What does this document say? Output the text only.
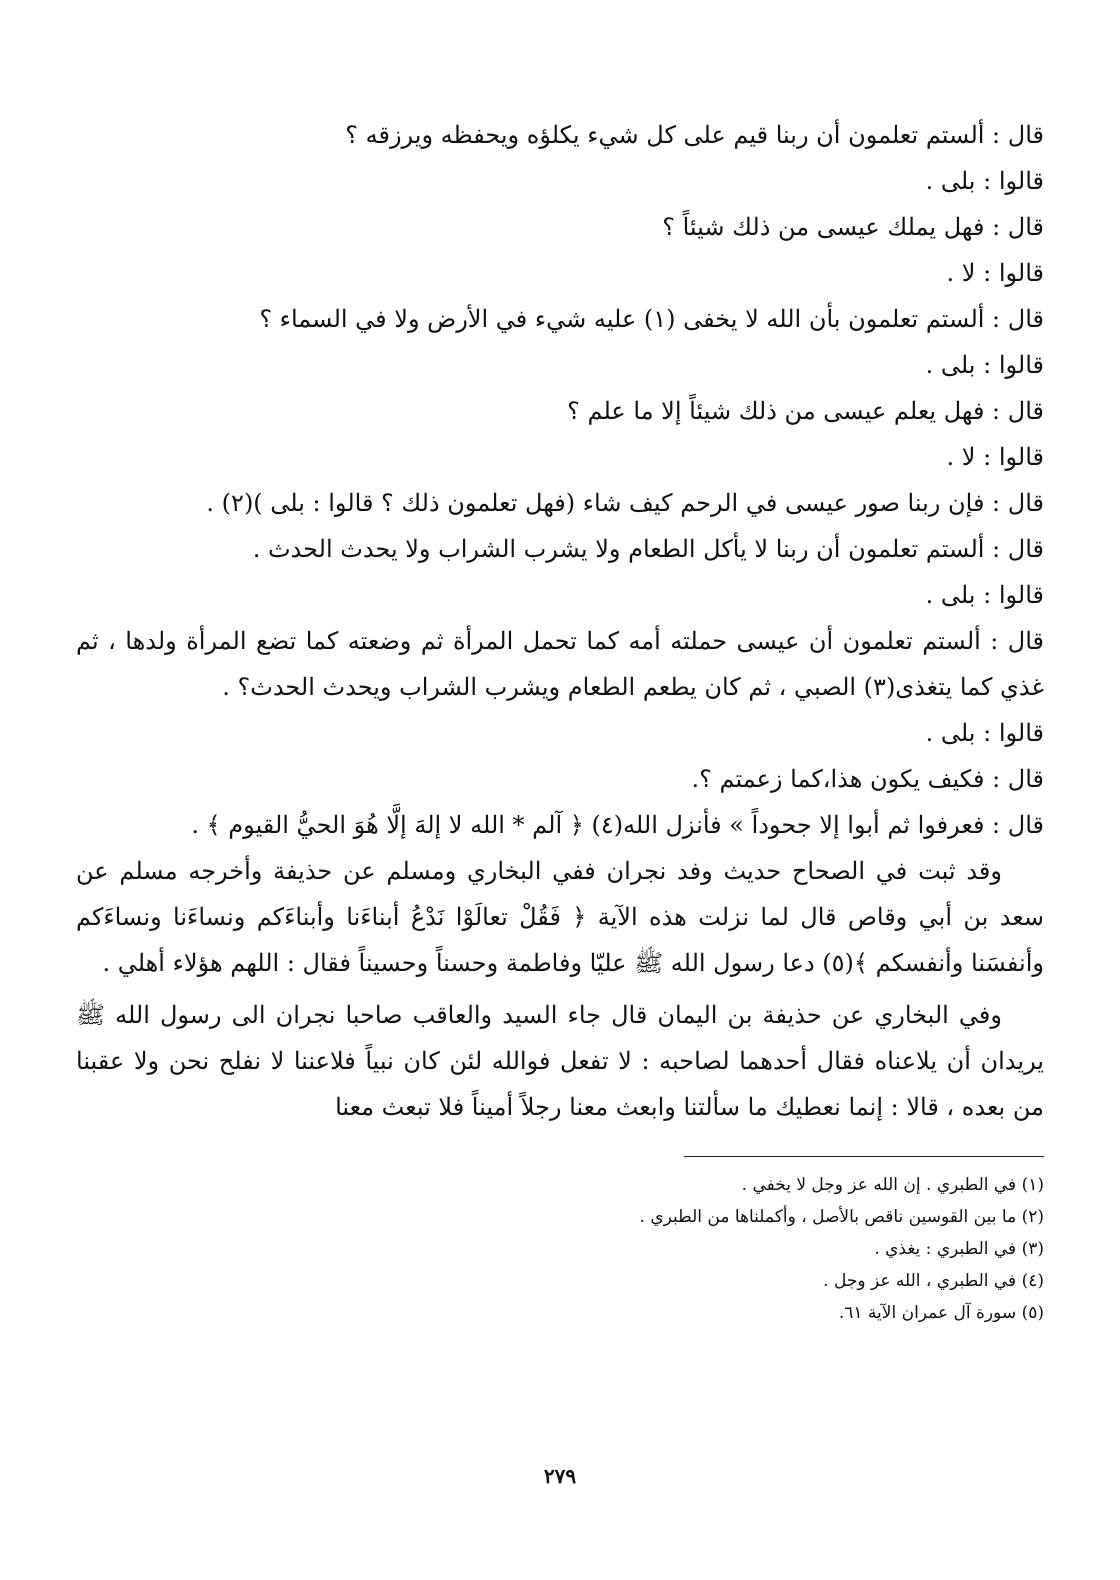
قال : ألستم تعلمون أن ربنا قيم على كل شيء يكلؤه ويحفظه ويرزقه ؟

قالوا : بلى .

قال : فهل يملك عيسى من ذلك شيئاً ؟

قالوا : لا .

قال : ألستم تعلمون بأن الله لا يخفى (١) عليه شيء في الأرض ولا في السماء ؟

قالوا : بلى .

قال : فهل يعلم عيسى من ذلك شيئاً إلا ما علم ؟

قالوا : لا .

قال : فإن ربنا صور عيسى في الرحم كيف شاء (فهل تعلمون ذلك ؟ قالوا : بلى )(٢) .

قال : ألستم تعلمون أن ربنا لا يأكل الطعام ولا يشرب الشراب ولا يحدث الحدث .

قالوا : بلى .

قال : ألستم تعلمون أن عيسى حملته أمه كما تحمل المرأة ثم وضعته كما تضع المرأة ولدها ، ثم غذي كما يتغذى(٣) الصبي ، ثم كان يطعم الطعام ويشرب الشراب ويحدث الحدث؟ .

قالوا : بلى .

قال : فكيف يكون هذا،كما زعمتم ؟.

قال : فعرفوا ثم أبوا إلا جحوداً » فأنزل الله(٤) ﴿ آلم * الله لا إلهَ إلَّا هُوَ الحيُّ القيوم ﴾ .

وقد ثبت في الصحاح حديث وفد نجران ففي البخاري ومسلم عن حذيفة وأخرجه مسلم عن سعد بن أبي وقاص قال لما نزلت هذه الآية ﴿ فَقُلْ تعالَوْا نَدْعُ أبناءَنا وأبناءَكم ونساءَنا ونساءَكم وأنفسَنا وأنفسكم ﴾(٥) دعا رسول الله ﷺ عليّا وفاطمة وحسناً وحسيناً فقال : اللهم هؤلاء أهلي .

وفي البخاري عن حذيفة بن اليمان قال جاء السيد والعاقب صاحبا نجران الى رسول الله ﷺ يريدان أن يلاعناه فقال أحدهما لصاحبه : لا تفعل فوالله لئن كان نبياً فلاعننا لا نفلح نحن ولا عقبنا من بعده ، قالا : إنما نعطيك ما سألتنا وابعث معنا رجلاً أميناً فلا تبعث معنا

(١) في الطبري . إن الله عز وجل لا يخفي .

(٢) ما بين القوسين ناقص بالأصل ، وأكملناها من الطبري .

(٣) في الطبري : يغذي .

(٤) في الطبري ، الله عز وجل .

(٥) سورة آل عمران الآية ٦١.

٢٧٩
